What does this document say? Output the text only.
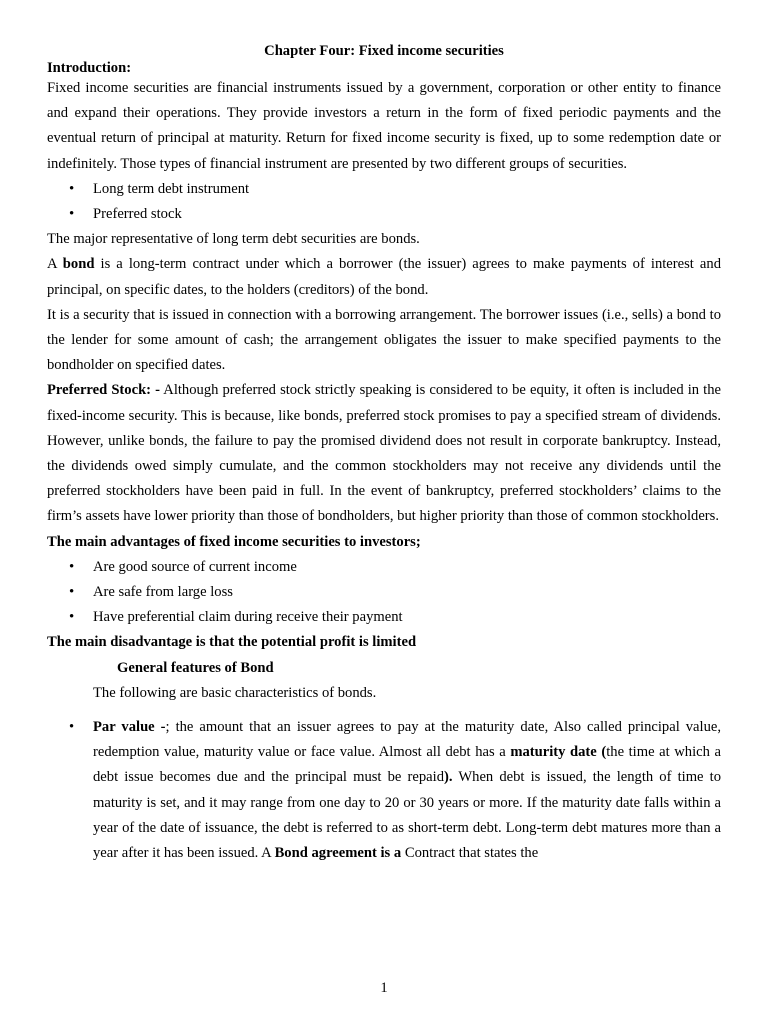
Chapter Four: Fixed income securities
Introduction:

Fixed income securities are financial instruments issued by a government, corporation or other entity to finance and expand their operations. They provide investors a return in the form of fixed periodic payments and the eventual return of principal at maturity. Return for fixed income security is fixed, up to some redemption date or indefinitely. Those types of financial instrument are presented by two different groups of securities.

• Long term debt instrument
• Preferred stock

The major representative of long term debt securities are bonds.

A bond is a long-term contract under which a borrower (the issuer) agrees to make payments of interest and principal, on specific dates, to the holders (creditors) of the bond.

It is a security that is issued in connection with a borrowing arrangement. The borrower issues (i.e., sells) a bond to the lender for some amount of cash; the arrangement obligates the issuer to make specified payments to the bondholder on specified dates.

Preferred Stock: - Although preferred stock strictly speaking is considered to be equity, it often is included in the fixed-income security. This is because, like bonds, preferred stock promises to pay a specified stream of dividends. However, unlike bonds, the failure to pay the promised dividend does not result in corporate bankruptcy. Instead, the dividends owed simply cumulate, and the common stockholders may not receive any dividends until the preferred stockholders have been paid in full. In the event of bankruptcy, preferred stockholders’ claims to the firm’s assets have lower priority than those of bondholders, but higher priority than those of common stockholders.

The main advantages of fixed income securities to investors;
• Are good source of current income
• Are safe from large loss
• Have preferential claim during receive their payment
The main disadvantage is that the potential profit is limited
General features of Bond
The following are basic characteristics of bonds.
• Par value -; the amount that an issuer agrees to pay at the maturity date, Also called principal value, redemption value, maturity value or face value. Almost all debt has a maturity date (the time at which a debt issue becomes due and the principal must be repaid). When debt is issued, the length of time to maturity is set, and it may range from one day to 20 or 30 years or more. If the maturity date falls within a year of the date of issuance, the debt is referred to as short-term debt. Long-term debt matures more than a year after it has been issued. A Bond agreement is a Contract that states the

1
